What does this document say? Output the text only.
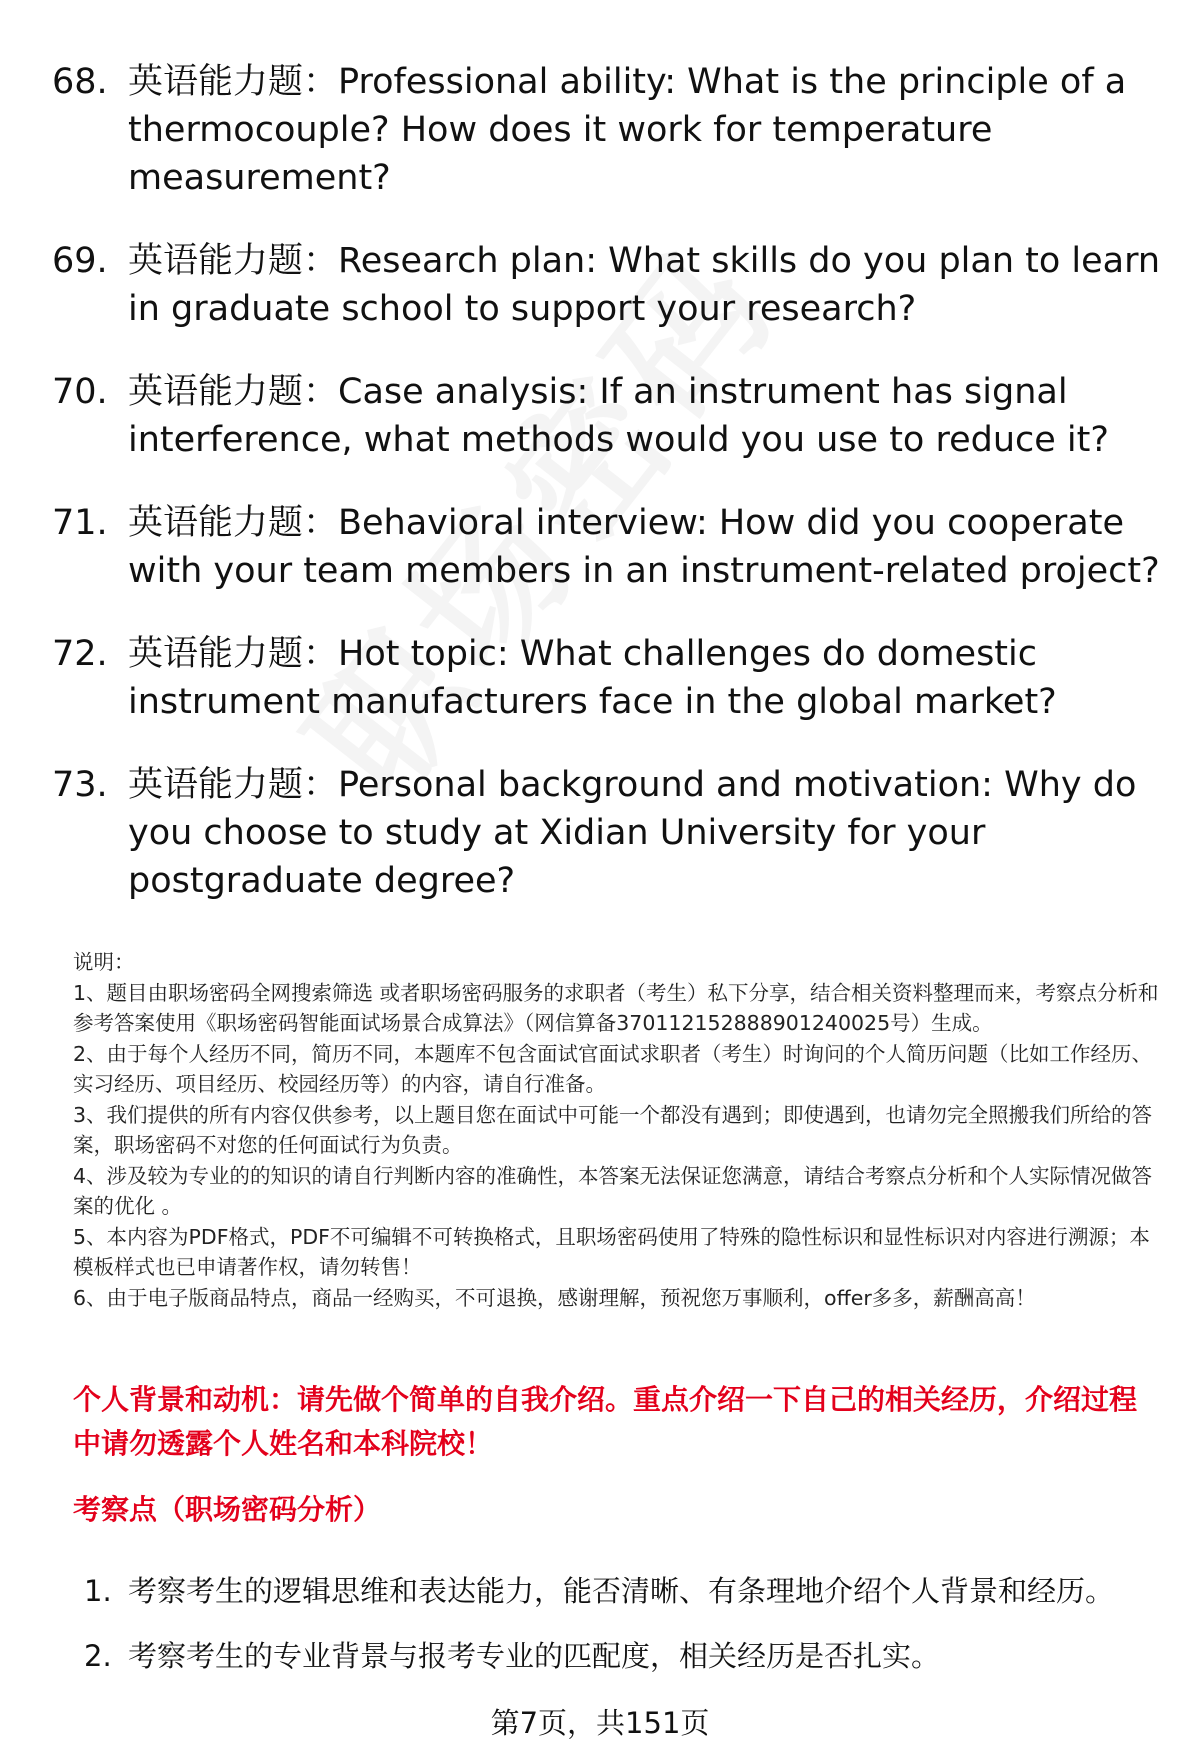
68. 英语能力题：Professional ability: What is the principle of a thermocouple? How does it work for temperature measurement?
69. 英语能力题：Research plan: What skills do you plan to learn in graduate school to support your research?
70. 英语能力题：Case analysis: If an instrument has signal interference, what methods would you use to reduce it?
71. 英语能力题：Behavioral interview: How did you cooperate with your team members in an instrument-related project?
72. 英语能力题：Hot topic: What challenges do domestic instrument manufacturers face in the global market?
73. 英语能力题：Personal background and motivation: Why do you choose to study at Xidian University for your postgraduate degree?
说明：
1、题目由职场密码全网搜索筛选 或者职场密码服务的求职者（考生）私下分享，结合相关资料整理而来，考察点分析和参考答案使用《职场密码智能面试场景合成算法》（网信算备370112152888901240025号）生成。
2、由于每个人经历不同，简历不同，本题库不包含面试官面试求职者（考生）时询问的个人简历问题（比如工作经历、实习经历、项目经历、校园经历等）的内容，请自行准备。
3、我们提供的所有内容仅供参考，以上题目您在面试中可能一个都没有遇到；即使遇到，也请勿完全照搬我们所给的答案，职场密码不对您的任何面试行为负责。
4、涉及较为专业的的知识的请自行判断内容的准确性，本答案无法保证您满意，请结合考察点分析和个人实际情况做答案的优化 。
5、本内容为PDF格式，PDF不可编辑不可转换格式，且职场密码使用了特殊的隐性标识和显性标识对内容进行溯源；本模板样式也已申请著作权，请勿转售！
6、由于电子版商品特点，商品一经购买，不可退换，感谢理解，预祝您万事顺利，offer多多，薪酬高高！
个人背景和动机：请先做个简单的自我介绍。重点介绍一下自己的相关经历，介绍过程中请勿透露个人姓名和本科院校！
考察点（职场密码分析）
1. 考察考生的逻辑思维和表达能力，能否清晰、有条理地介绍个人背景和经历。
2. 考察考生的专业背景与报考专业的匹配度，相关经历是否扎实。
第7页，共151页
